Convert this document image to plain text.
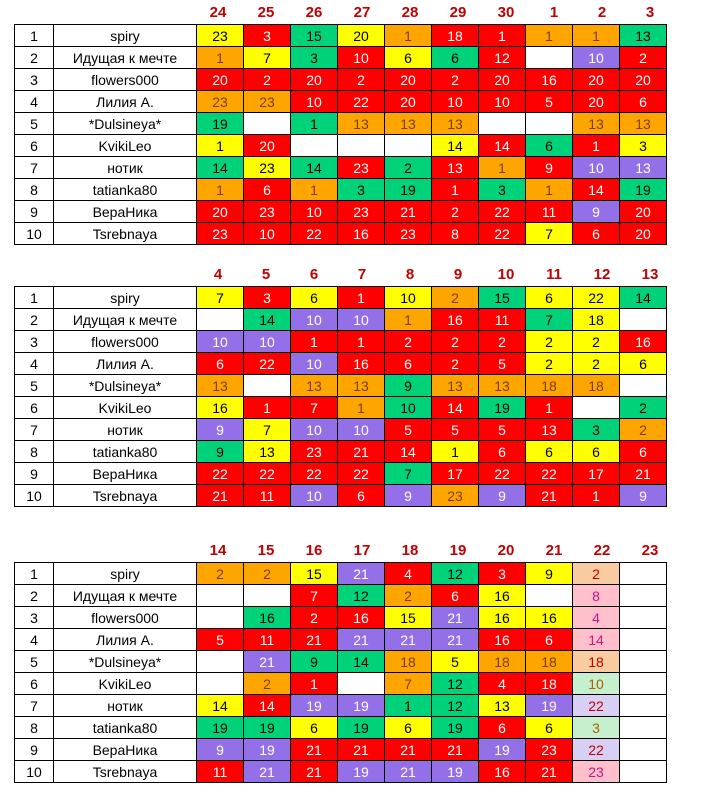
24	25	26	27	28	29	30	1	2	3
1	spiry	23	3	15	20	1	18	1	1	1	13
2	Идущая к мечте	1	7	3	10	6	6	12		10	2
3	flowers000	20	2	20	2	20	2	20	16	20	20
4	Лилия А.	23	23	10	22	20	10	10	5	20	6
5	*Dulsineya*	19		1	13	13	13			13	13
6	KvikiLeo	1	20				14	14	6	1	3
7	нотик	14	23	14	23	2	13	1	9	10	13
8	tatianka80	1	6	1	3	19	1	3	1	14	19
9	ВераНика	20	23	10	23	21	2	22	11	9	20
10	Tsrebnaya	23	10	22	16	23	8	22	7	6	20
4	5	6	7	8	9	10	11	12	13
1	spiry	7	3	6	1	10	2	15	6	22	14
2	Идущая к мечте		14	10	10	1	16	11	7	18	
3	flowers000	10	10	1	1	2	2	2	2	2	16
4	Лилия А.	6	22	10	16	6	2	5	2	2	6
5	*Dulsineya*	13		13	13	9	13	13	18	18	
6	KvikiLeo	16	1	7	1	10	14	19	1		2
7	нотик	9	7	10	10	5	5	5	13	3	2
8	tatianka80	9	13	23	21	14	1	6	6	6	6
9	ВераНика	22	22	22	22	7	17	22	22	17	21
10	Tsrebnaya	21	11	10	6	9	23	9	21	1	9
14	15	16	17	18	19	20	21	22	23
1	spiry	2	2	15	21	4	12	3	9	2	
2	Идущая к мечте			7	12	2	6	16		8	
3	flowers000		16	2	16	15	21	16	16	4	
4	Лилия А.	5	11	21	21	21	21	16	6	14	
5	*Dulsineya*		21	9	14	18	5	18	18	18	
6	KvikiLeo		2	1		7	12	4	18	10	
7	нотик	14	14	19	19	1	12	13	19	22	
8	tatianka80	19	19	6	19	6	19	6	6	3	
9	ВераНика	9	19	21	21	21	21	19	23	22	
10	Tsrebnaya	11	21	21	19	21	19	16	21	23	
